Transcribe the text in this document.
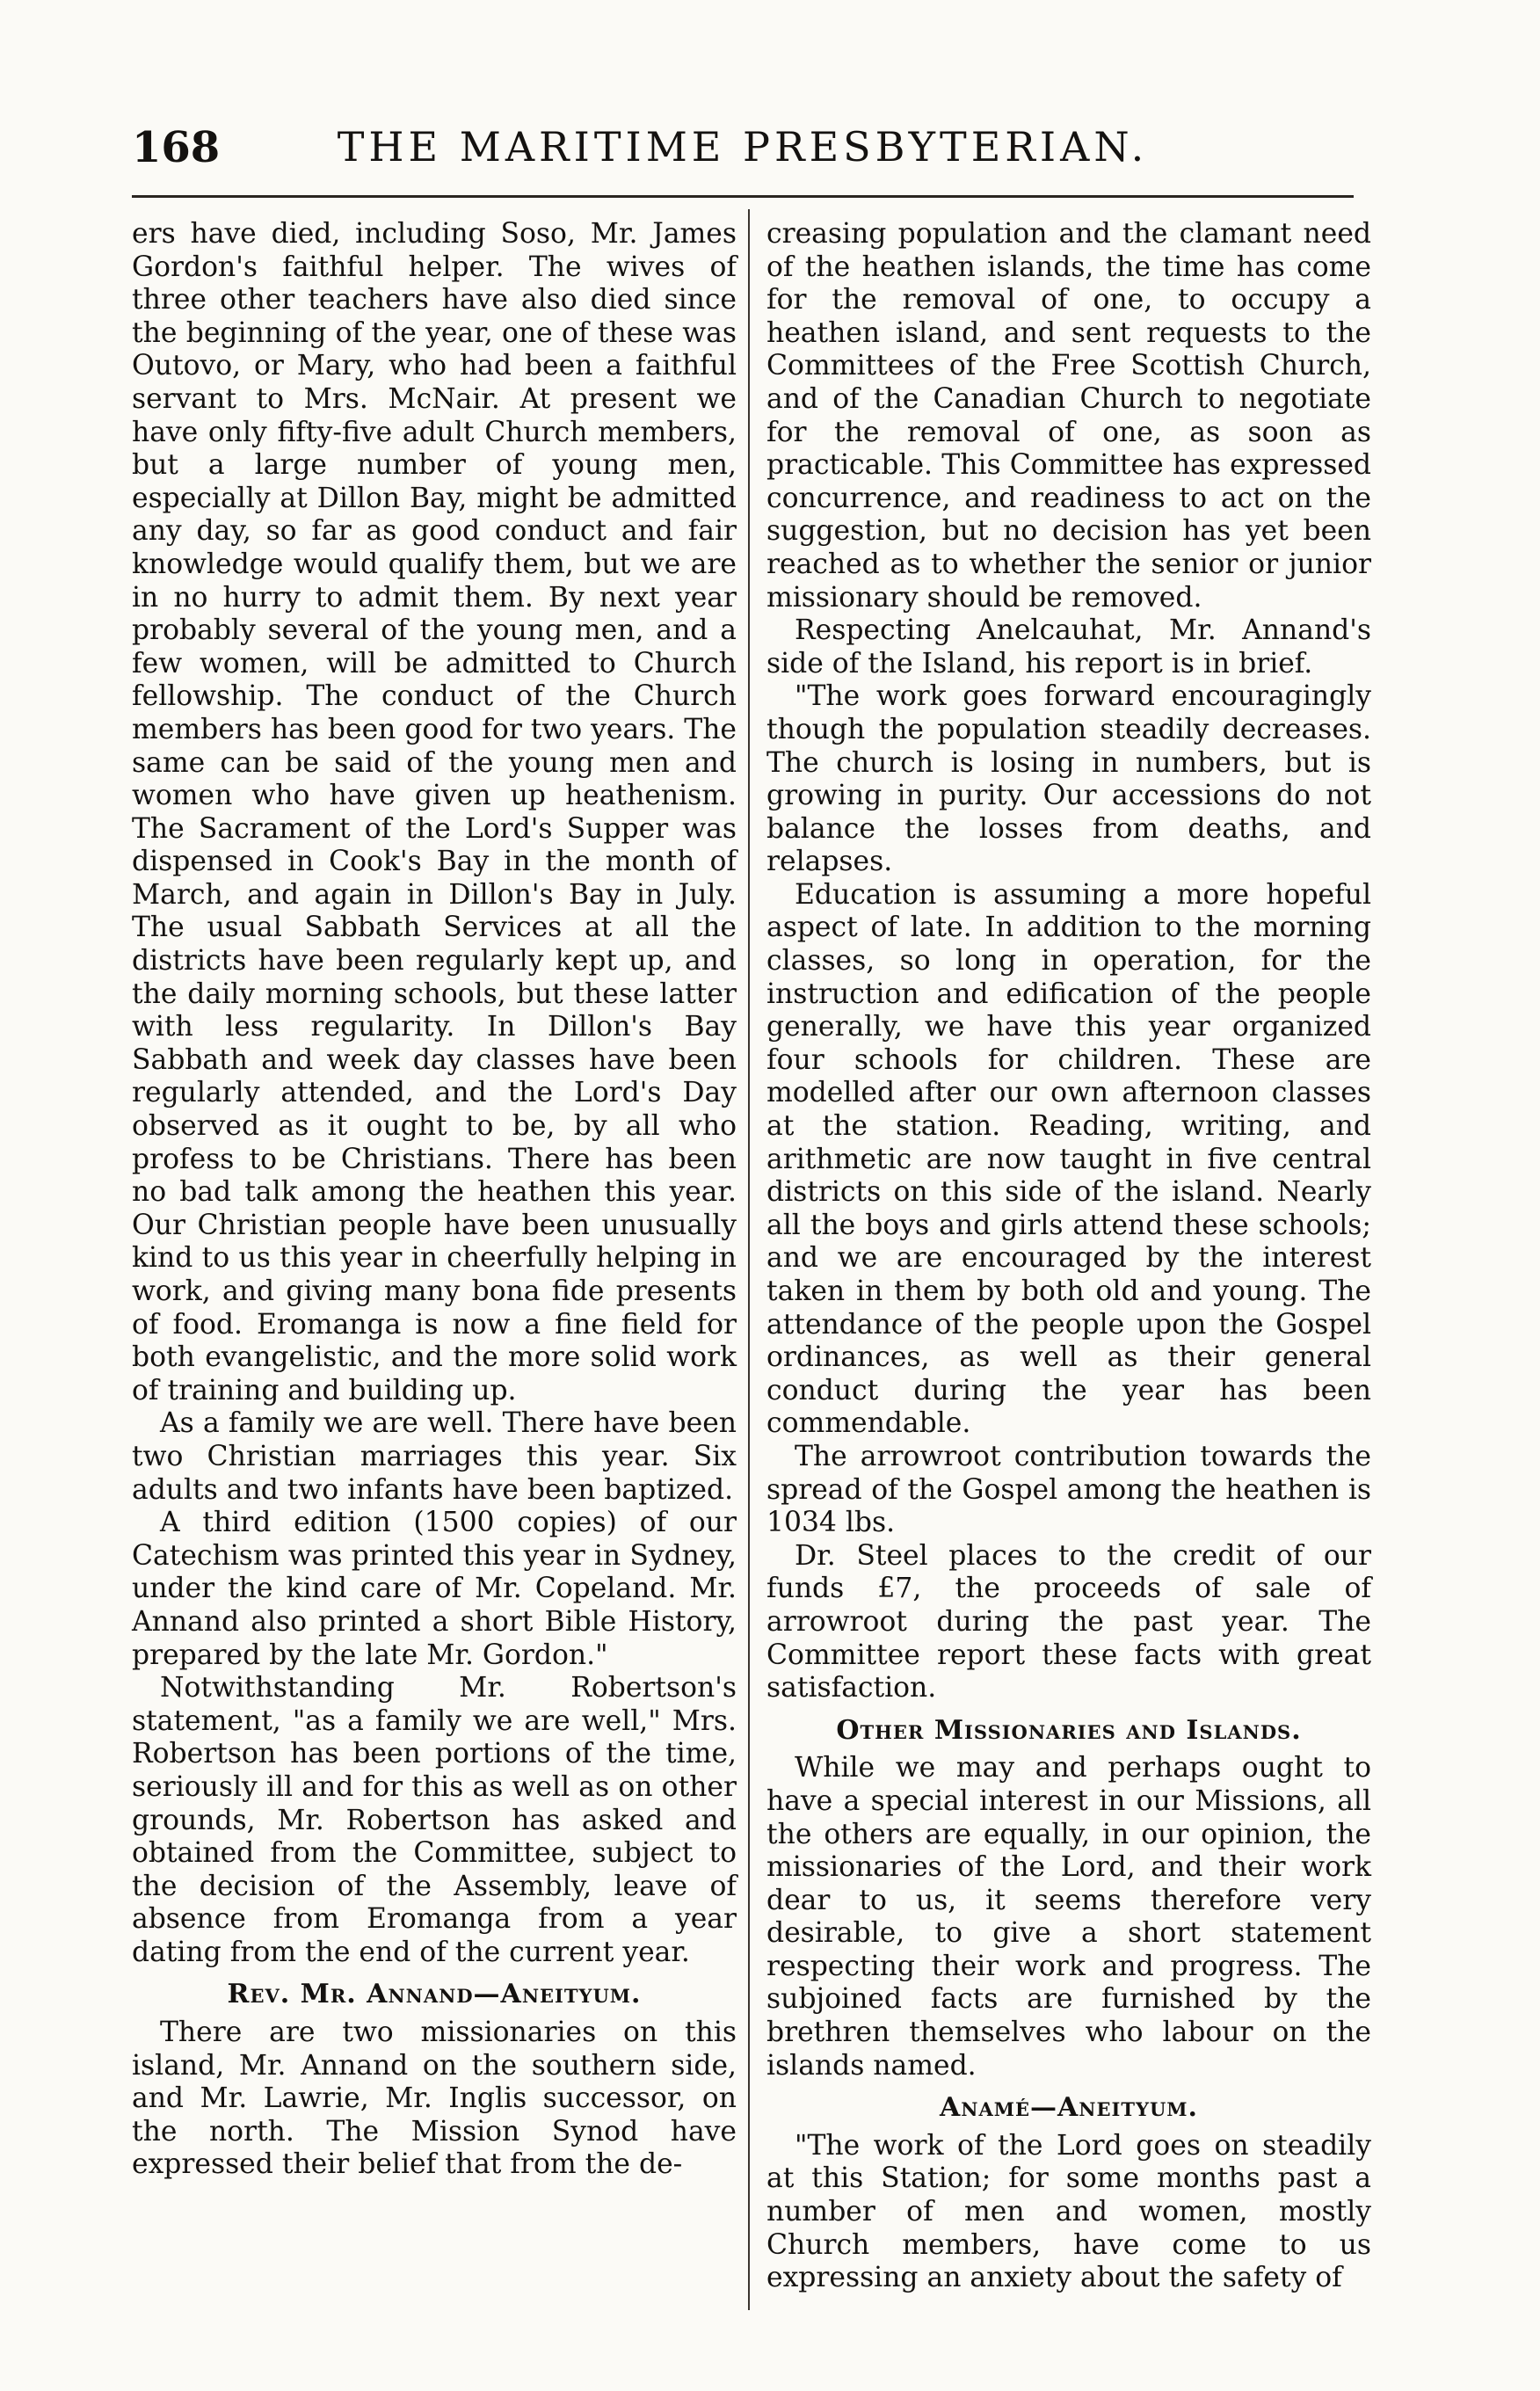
168	THE MARITIME PRESBYTERIAN.

ers have died, including Soso, Mr. James Gordon's faithful helper. The wives of three other teachers have also died since the beginning of the year, one of these was Outovo, or Mary, who had been a faithful servant to Mrs. McNair. At present we have only fifty-five adult Church members, but a large number of young men, especially at Dillon Bay, might be admitted any day, so far as good conduct and fair knowledge would qualify them, but we are in no hurry to admit them. By next year probably several of the young men, and a few women, will be admitted to Church fellowship. The conduct of the Church members has been good for two years. The same can be said of the young men and women who have given up heathenism. The Sacrament of the Lord's Supper was dispensed in Cook's Bay in the month of March, and again in Dillon's Bay in July. The usual Sabbath Services at all the districts have been regularly kept up, and the daily morning schools, but these latter with less regularity. In Dillon's Bay Sabbath and week day classes have been regularly attended, and the Lord's Day observed as it ought to be, by all who profess to be Christians. There has been no bad talk among the heathen this year. Our Christian people have been unusually kind to us this year in cheerfully helping in work, and giving many bona fide presents of food. Eromanga is now a fine field for both evangelistic, and the more solid work of training and building up.

As a family we are well. There have been two Christian marriages this year. Six adults and two infants have been baptized.

A third edition (1500 copies) of our Catechism was printed this year in Sydney, under the kind care of Mr. Copeland. Mr. Annand also printed a short Bible History, prepared by the late Mr. Gordon."

Notwithstanding Mr. Robertson's statement, "as a family we are well," Mrs. Robertson has been portions of the time, seriously ill and for this as well as on other grounds, Mr. Robertson has asked and obtained from the Committee, subject to the decision of the Assembly, leave of absence from Eromanga from a year dating from the end of the current year.

Rev. Mr. Annand—Aneityum.

There are two missionaries on this island, Mr. Annand on the southern side, and Mr. Lawrie, Mr. Inglis successor, on the north. The Mission Synod have expressed their belief that from the de-

creasing population and the clamant need of the heathen islands, the time has come for the removal of one, to occupy a heathen island, and sent requests to the Committees of the Free Scottish Church, and of the Canadian Church to negotiate for the removal of one, as soon as practicable. This Committee has expressed concurrence, and readiness to act on the suggestion, but no decision has yet been reached as to whether the senior or junior missionary should be removed.

Respecting Anelcauhat, Mr. Annand's side of the Island, his report is in brief.

"The work goes forward encouragingly though the population steadily decreases. The church is losing in numbers, but is growing in purity. Our accessions do not balance the losses from deaths, and relapses.

Education is assuming a more hopeful aspect of late. In addition to the morning classes, so long in operation, for the instruction and edification of the people generally, we have this year organized four schools for children. These are modelled after our own afternoon classes at the station. Reading, writing, and arithmetic are now taught in five central districts on this side of the island. Nearly all the boys and girls attend these schools; and we are encouraged by the interest taken in them by both old and young. The attendance of the people upon the Gospel ordinances, as well as their general conduct during the year has been commendable.

The arrowroot contribution towards the spread of the Gospel among the heathen is 1034 lbs.

Dr. Steel places to the credit of our funds £7, the proceeds of sale of arrowroot during the past year. The Committee report these facts with great satisfaction.

Other Missionaries and Islands.

While we may and perhaps ought to have a special interest in our Missions, all the others are equally, in our opinion, the missionaries of the Lord, and their work dear to us, it seems therefore very desirable, to give a short statement respecting their work and progress. The subjoined facts are furnished by the brethren themselves who labour on the islands named.

Anamé—Aneityum.

"The work of the Lord goes on steadily at this Station; for some months past a number of men and women, mostly Church members, have come to us expressing an anxiety about the safety of
